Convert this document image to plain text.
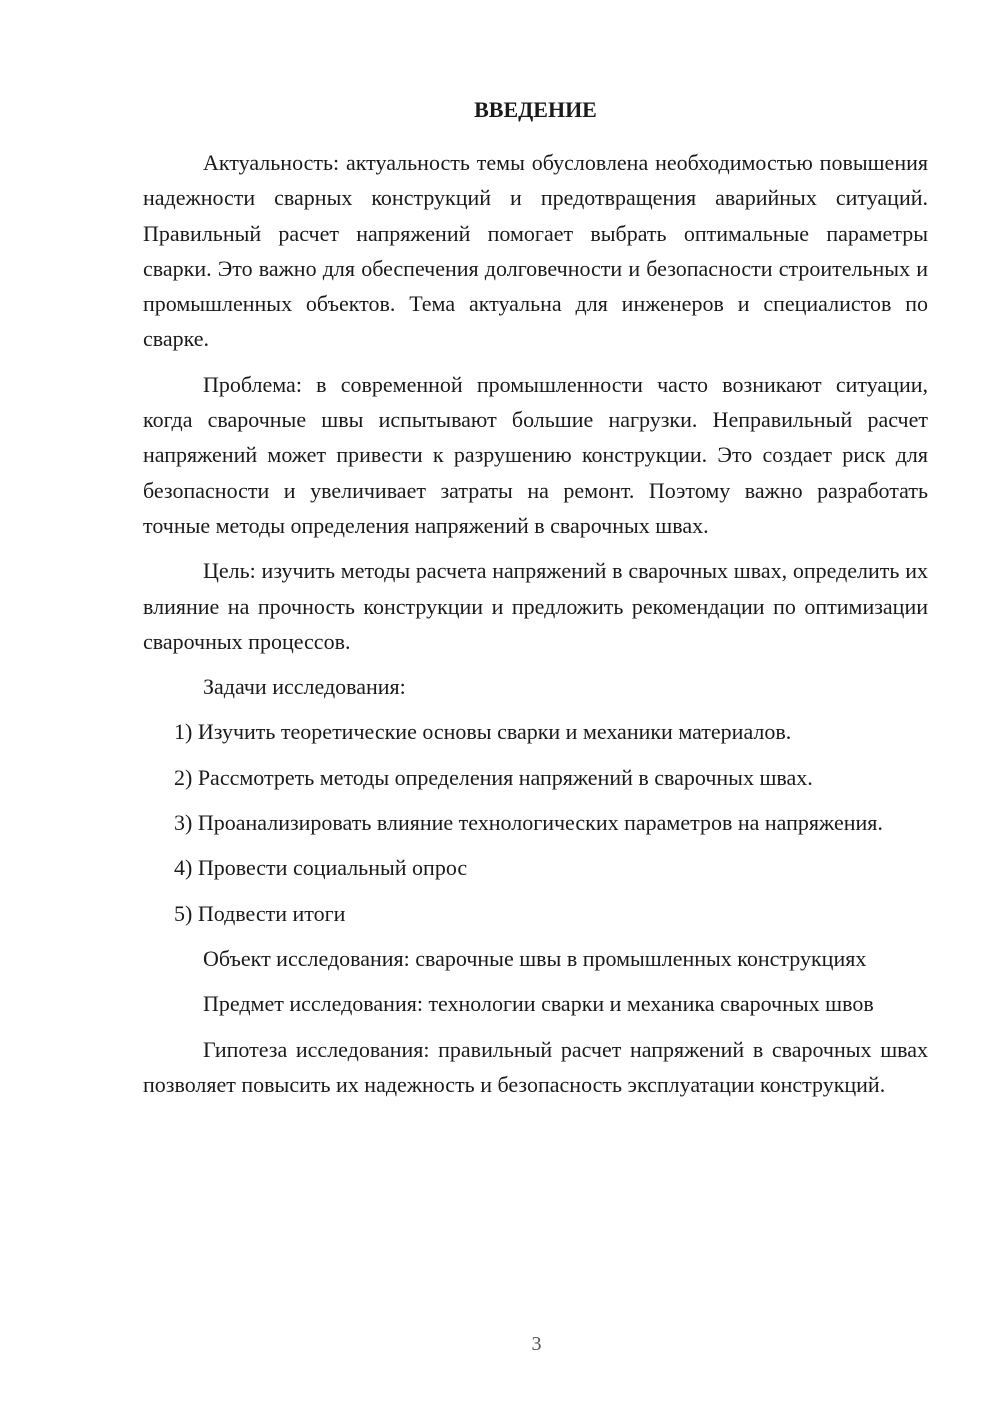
ВВЕДЕНИЕ

Актуальность: актуальность темы обусловлена необходимостью повышения надежности сварных конструкций и предотвращения аварийных ситуаций. Правильный расчет напряжений помогает выбрать оптимальные параметры сварки. Это важно для обеспечения долговечности и безопасности строительных и промышленных объектов. Тема актуальна для инженеров и специалистов по сварке.

Проблема: в современной промышленности часто возникают ситуации, когда сварочные швы испытывают большие нагрузки. Неправильный расчет напряжений может привести к разрушению конструкции. Это создает риск для безопасности и увеличивает затраты на ремонт. Поэтому важно разработать точные методы определения напряжений в сварочных швах.

Цель: изучить методы расчета напряжений в сварочных швах, определить их влияние на прочность конструкции и предложить рекомендации по оптимизации сварочных процессов.

Задачи исследования:

1) Изучить теоретические основы сварки и механики материалов.

2) Рассмотреть методы определения напряжений в сварочных швах.

3) Проанализировать влияние технологических параметров на напряжения.

4) Провести социальный опрос

5) Подвести итоги

Объект исследования: сварочные швы в промышленных конструкциях

Предмет исследования: технологии сварки и механика сварочных швов

Гипотеза исследования: правильный расчет напряжений в сварочных швах позволяет повысить их надежность и безопасность эксплуатации конструкций.

3
